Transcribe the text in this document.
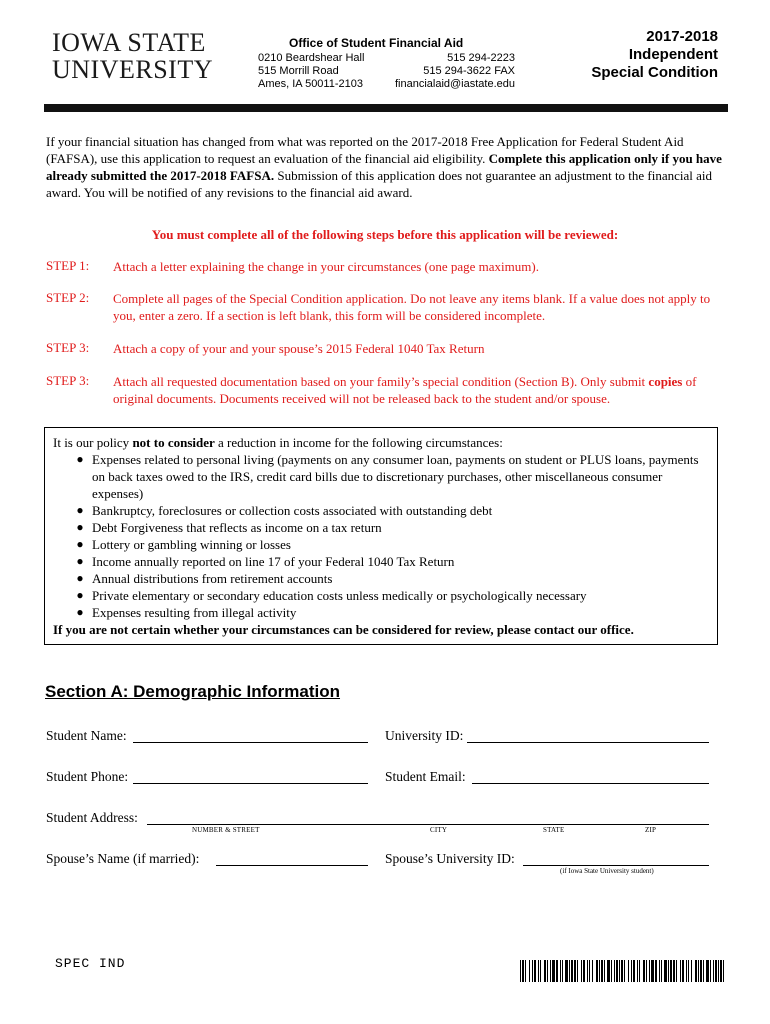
IOWA STATE
UNIVERSITY
Office of Student Financial Aid
0210 Beardshear Hall
515 Morrill Road
Ames, IA 50011-2103
515 294-2223
515 294-3622 FAX
financialaid@iastate.edu
2017-2018
Independent
Special Condition
If your financial situation has changed from what was reported on the 2017-2018 Free Application for Federal Student Aid (FAFSA), use this application to request an evaluation of the financial aid eligibility. Complete this application only if you have already submitted the 2017-2018 FAFSA. Submission of this application does not guarantee an adjustment to the financial aid award. You will be notified of any revisions to the financial aid award.
You must complete all of the following steps before this application will be reviewed:
STEP 1: Attach a letter explaining the change in your circumstances (one page maximum).
STEP 2: Complete all pages of the Special Condition application. Do not leave any items blank. If a value does not apply to you, enter a zero. If a section is left blank, this form will be considered incomplete.
STEP 3: Attach a copy of your and your spouse’s 2015 Federal 1040 Tax Return
STEP 3: Attach all requested documentation based on your family’s special condition (Section B). Only submit copies of original documents. Documents received will not be released back to the student and/or spouse.
It is our policy not to consider a reduction in income for the following circumstances:
● Expenses related to personal living (payments on any consumer loan, payments on student or PLUS loans, payments on back taxes owed to the IRS, credit card bills due to discretionary purchases, other miscellaneous consumer expenses)
● Bankruptcy, foreclosures or collection costs associated with outstanding debt
● Debt Forgiveness that reflects as income on a tax return
● Lottery or gambling winning or losses
● Income annually reported on line 17 of your Federal 1040 Tax Return
● Annual distributions from retirement accounts
● Private elementary or secondary education costs unless medically or psychologically necessary
● Expenses resulting from illegal activity
If you are not certain whether your circumstances can be considered for review, please contact our office.
Section A: Demographic Information
Student Name:	University ID:
Student Phone:	Student Email:
Student Address:
NUMBER & STREET	CITY	STATE	ZIP
Spouse’s Name (if married):	Spouse’s University ID:
(if Iowa State University student)
SPEC IND
